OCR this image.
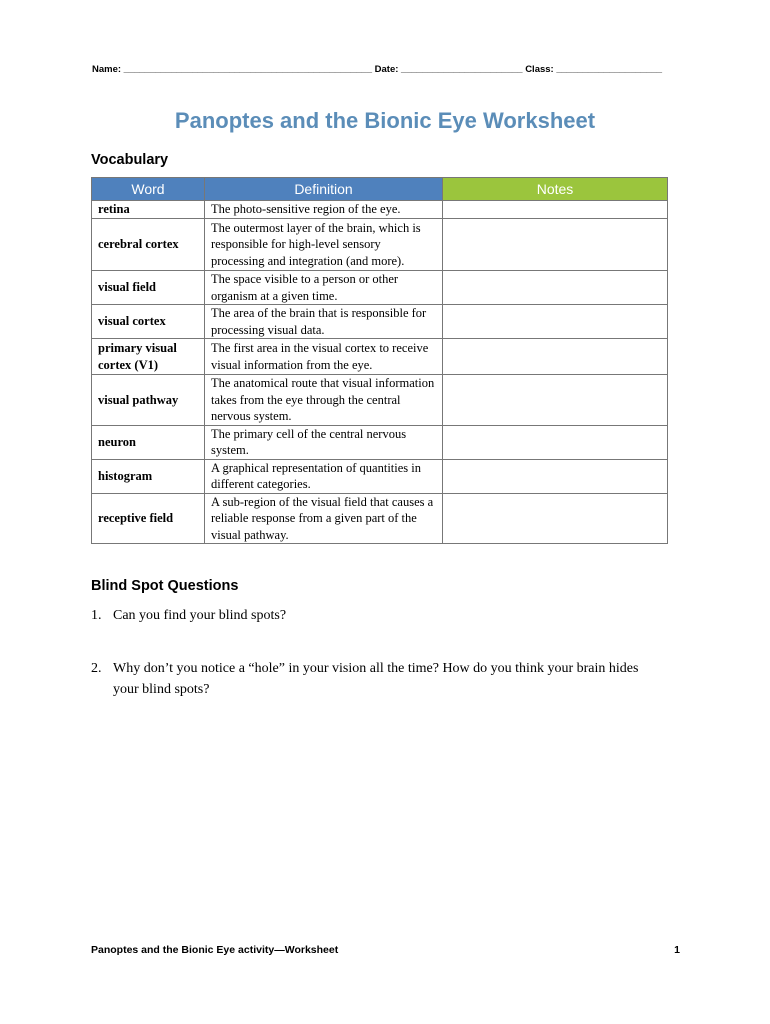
Name: _______________________________________________ Date: _______________________ Class: ____________________
Panoptes and the Bionic Eye Worksheet
Vocabulary
Word	Definition	Notes
retina	The photo-sensitive region of the eye.	
cerebral cortex	The outermost layer of the brain, which is responsible for high-level sensory processing and integration (and more).	
visual field	The space visible to a person or other organism at a given time.	
visual cortex	The area of the brain that is responsible for processing visual data.	
primary visual cortex (V1)	The first area in the visual cortex to receive visual information from the eye.	
visual pathway	The anatomical route that visual information takes from the eye through the central nervous system.	
neuron	The primary cell of the central nervous system.	
histogram	A graphical representation of quantities in different categories.	
receptive field	A sub-region of the visual field that causes a reliable response from a given part of the visual pathway.	
Blind Spot Questions
1. Can you find your blind spots?
2. Why don’t you notice a “hole” in your vision all the time? How do you think your brain hides your blind spots?
Panoptes and the Bionic Eye activity—Worksheet	1
